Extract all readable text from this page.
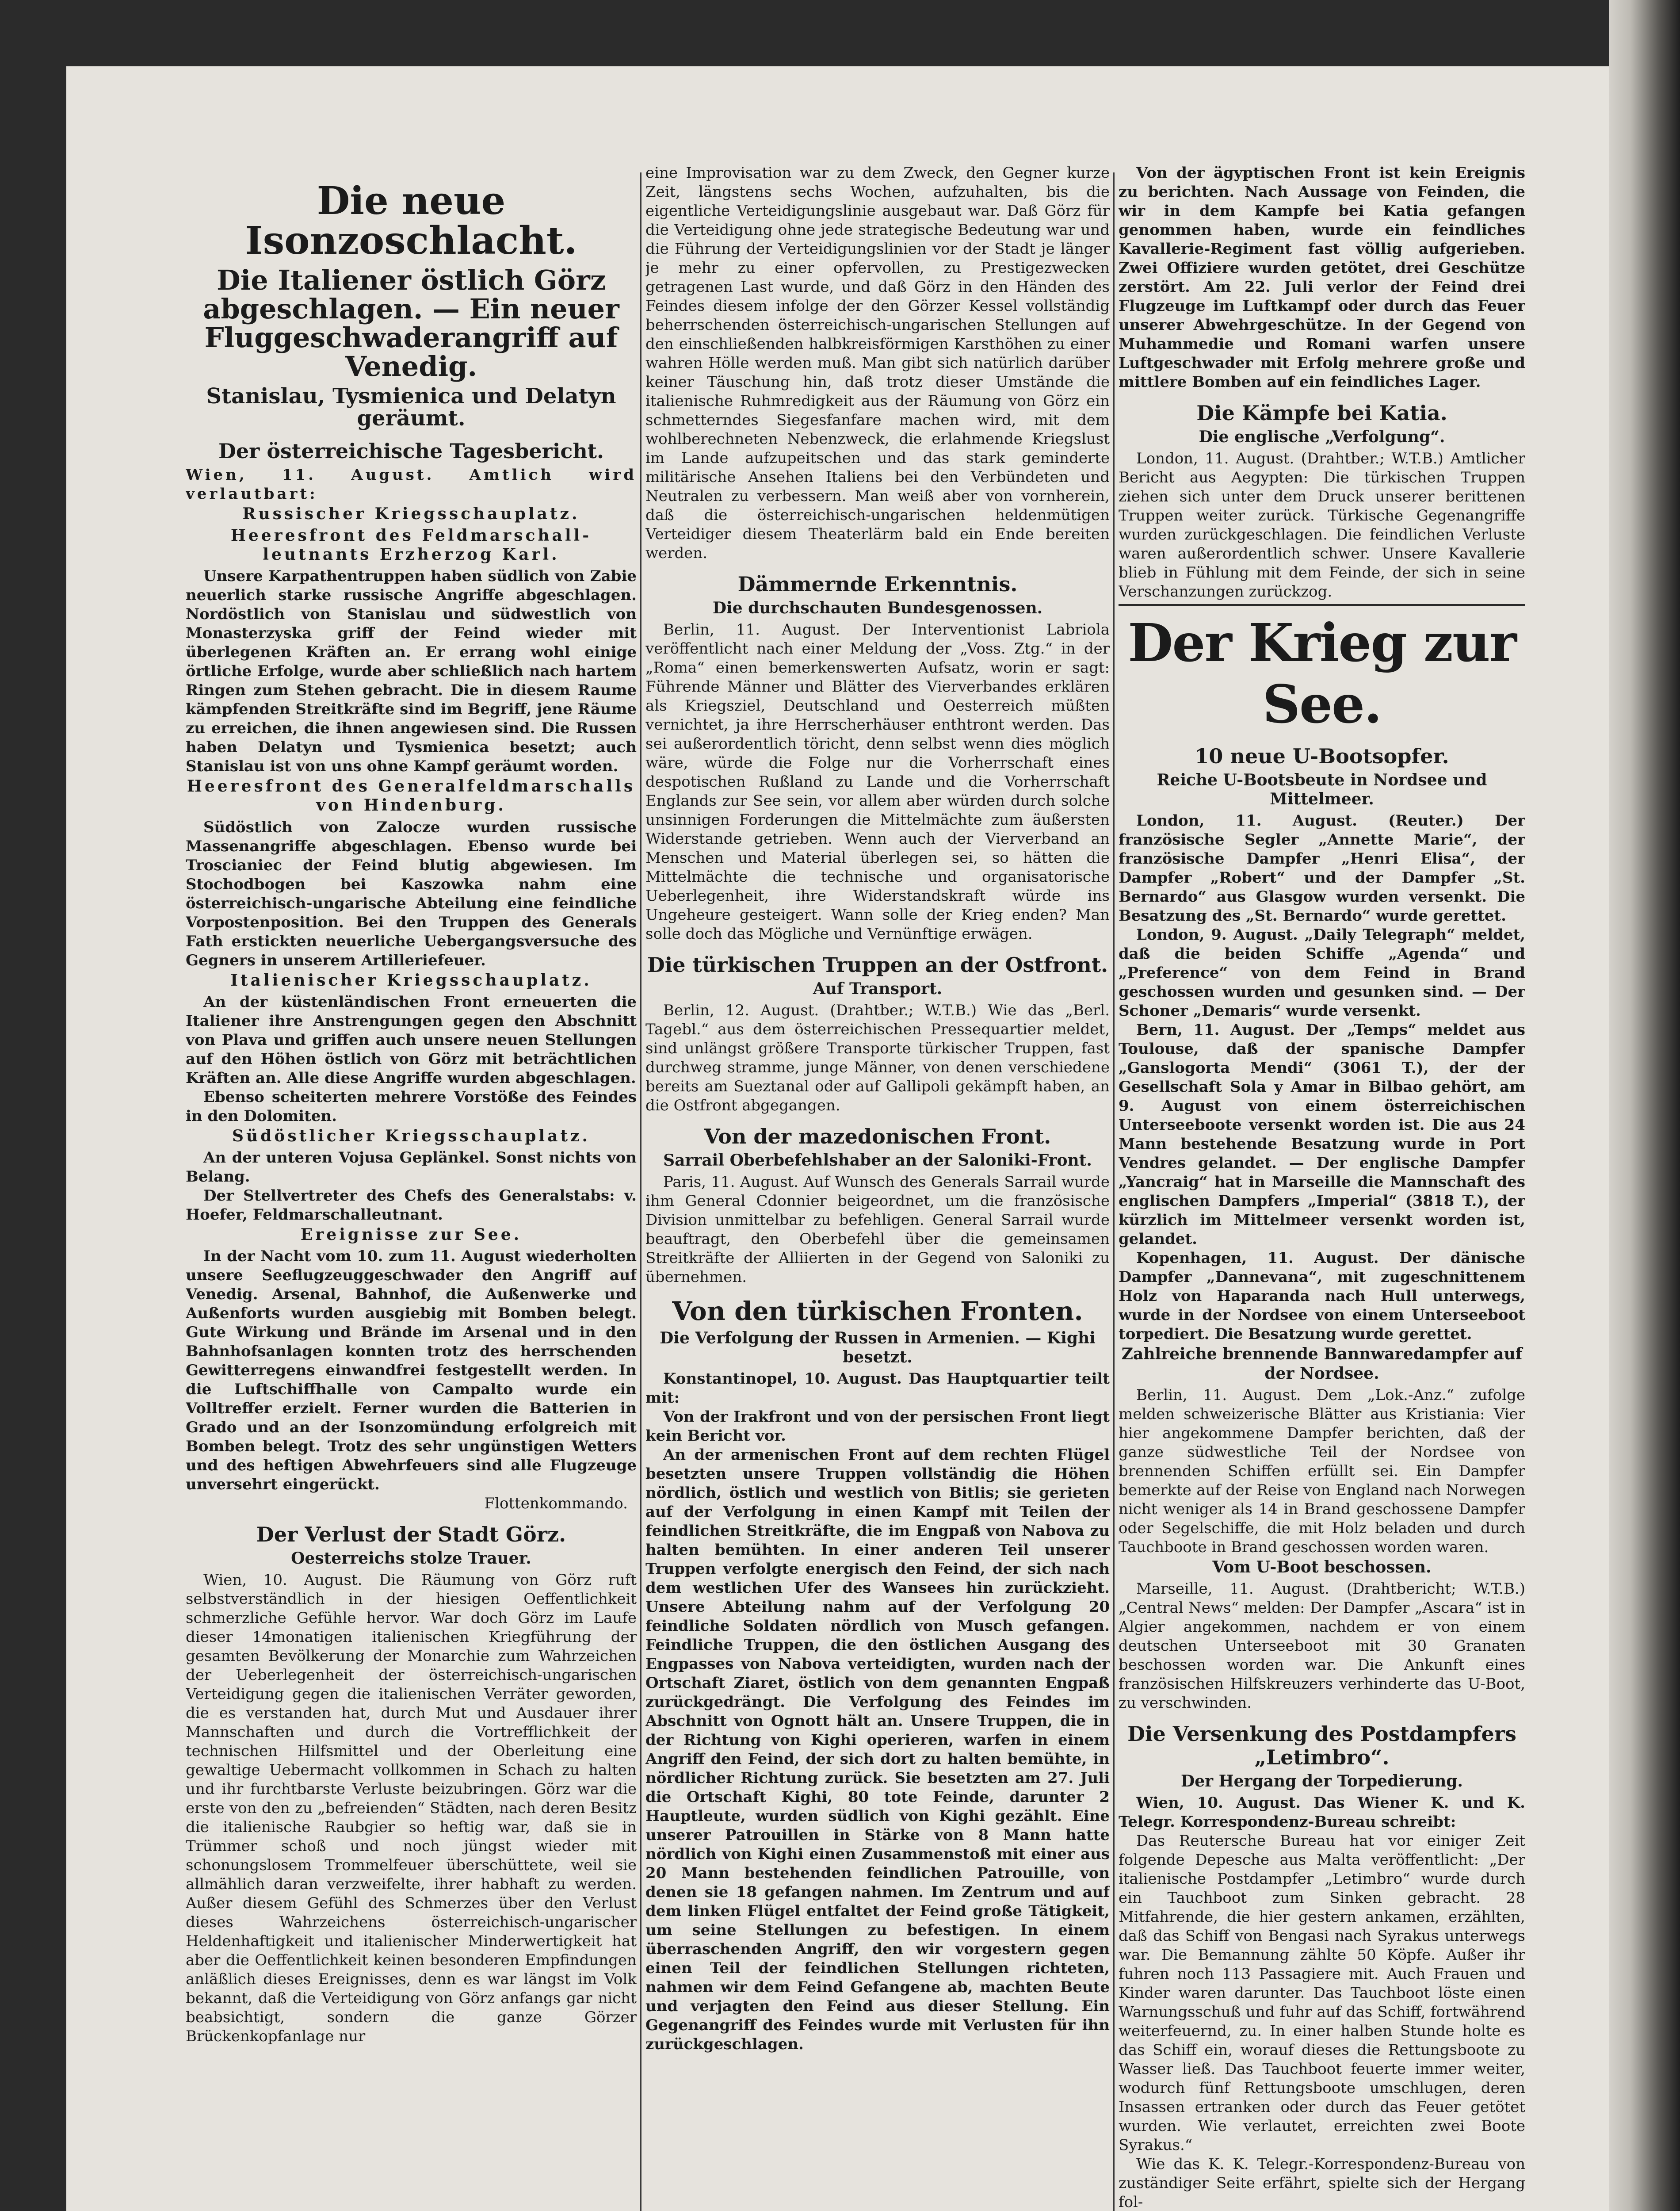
Die neue Isonzoschlacht.
Die Italiener östlich Görz abgeschlagen. — Ein neuer Fluggeschwaderangriff auf Venedig.
Stanislau, Tysmienica und Delatyn geräumt.
Der österreichische Tagesbericht.

Wien, 11. August. Amtlich wird verlautbart:

Russischer Kriegsschauplatz.
Heeresfront des Feldmarschall-leutnants Erzherzog Karl.

Unsere Karpathentruppen haben südlich von Zabie neuerlich starke russische Angriffe abgeschlagen. Nordöstlich von Stanislau und südwestlich von Monasterzyska griff der Feind wieder mit überlegenen Kräften an. Er errang wohl einige örtliche Erfolge, wurde aber schließlich nach hartem Ringen zum Stehen gebracht. Die in diesem Raume kämpfenden Streitkräfte sind im Begriff, jene Räume zu erreichen, die ihnen angewiesen sind. Die Russen haben Delatyn und Tysmienica besetzt; auch Stanislau ist von uns ohne Kampf geräumt worden.

Heeresfront des Generalfeldmarschalls von Hindenburg.

Südöstlich von Zalocze wurden russische Massenangriffe abgeschlagen. Ebenso wurde bei Troscianiec der Feind blutig abgewiesen. Im Stochodbogen bei Kaszowka nahm eine österreichisch-ungarische Abteilung eine feindliche Vorpostenposition. Bei den Truppen des Generals Fath erstickten neuerliche Uebergangsversuche des Gegners in unserem Artilleriefeuer.

Italienischer Kriegsschauplatz.

An der küstenländischen Front erneuerten die Italiener ihre Anstrengungen gegen den Abschnitt von Plava und griffen auch unsere neuen Stellungen auf den Höhen östlich von Görz mit beträchtlichen Kräften an. Alle diese Angriffe wurden abgeschlagen.

Ebenso scheiterten mehrere Vorstöße des Feindes in den Dolomiten.

Südöstlicher Kriegsschauplatz.

An der unteren Vojusa Geplänkel. Sonst nichts von Belang.

Der Stellvertreter des Chefs des Generalstabs: v. Hoefer, Feldmarschalleutnant.

Ereignisse zur See.

In der Nacht vom 10. zum 11. August wiederholten unsere Seeflugzeuggeschwader den Angriff auf Venedig. Arsenal, Bahnhof, die Außenwerke und Außenforts wurden ausgiebig mit Bomben belegt. Gute Wirkung und Brände im Arsenal und in den Bahnhofsanlagen konnten trotz des herrschenden Gewitterregens einwandfrei festgestellt werden. In die Luftschiffhalle von Campalto wurde ein Volltreffer erzielt. Ferner wurden die Batterien in Grado und an der Isonzomündung erfolgreich mit Bomben belegt. Trotz des sehr ungünstigen Wetters und des heftigen Abwehrfeuers sind alle Flugzeuge unversehrt eingerückt.

Flottenkommando.
Der Verlust der Stadt Görz.
Oesterreichs stolze Trauer.

Wien, 10. August. Die Räumung von Görz ruft selbstverständlich in der hiesigen Oeffentlichkeit schmerzliche Gefühle hervor. War doch Görz im Laufe dieser 14monatigen italienischen Kriegführung der gesamten Bevölkerung der Monarchie zum Wahrzeichen der Ueberlegenheit der österreichisch-ungarischen Verteidigung gegen die italienischen Verräter geworden, die es verstanden hat, durch Mut und Ausdauer ihrer Mannschaften und durch die Vortrefflichkeit der technischen Hilfsmittel und der Oberleitung eine gewaltige Uebermacht vollkommen in Schach zu halten und ihr furchtbarste Verluste beizubringen. Görz war die erste von den zu „befreienden“ Städten, nach deren Besitz die italienische Raubgier so heftig war, daß sie in Trümmer schoß und noch jüngst wieder mit schonungslosem Trommelfeuer überschüttete, weil sie allmählich daran verzweifelte, ihrer habhaft zu werden. Außer diesem Gefühl des Schmerzes über den Verlust dieses Wahrzeichens österreichisch-ungarischer Heldenhaftigkeit und italienischer Minderwertigkeit hat aber die Oeffentlichkeit keinen besonderen Empfindungen anläßlich dieses Ereignisses, denn es war längst im Volk bekannt, daß die Verteidigung von Görz anfangs gar nicht beabsichtigt, sondern die ganze Görzer Brückenkopfanlage nur

eine Improvisation war zu dem Zweck, den Gegner kurze Zeit, längstens sechs Wochen, aufzuhalten, bis die eigentliche Verteidigungslinie ausgebaut war. Daß Görz für die Verteidigung ohne jede strategische Bedeutung war und die Führung der Verteidigungslinien vor der Stadt je länger je mehr zu einer opfervollen, zu Prestigezwecken getragenen Last wurde, und daß Görz in den Händen des Feindes diesem infolge der den Görzer Kessel vollständig beherrschenden österreichisch-ungarischen Stellungen auf den einschließenden halbkreisförmigen Karsthöhen zu einer wahren Hölle werden muß. Man gibt sich natürlich darüber keiner Täuschung hin, daß trotz dieser Umstände die italienische Ruhmredigkeit aus der Räumung von Görz ein schmetterndes Siegesfanfare machen wird, mit dem wohlberechneten Nebenzweck, die erlahmende Kriegslust im Lande aufzupeitschen und das stark geminderte militärische Ansehen Italiens bei den Verbündeten und Neutralen zu verbessern. Man weiß aber von vornherein, daß die österreichisch-ungarischen heldenmütigen Verteidiger diesem Theaterlärm bald ein Ende bereiten werden.

Dämmernde Erkenntnis.
Die durchschauten Bundesgenossen.

Berlin, 11. August. Der Interventionist Labriola veröffentlicht nach einer Meldung der „Voss. Ztg.“ in der „Roma“ einen bemerkenswerten Aufsatz, worin er sagt: Führende Männer und Blätter des Vierverbandes erklären als Kriegsziel, Deutschland und Oesterreich müßten vernichtet, ja ihre Herrscherhäuser enthtront werden. Das sei außerordentlich töricht, denn selbst wenn dies möglich wäre, würde die Folge nur die Vorherrschaft eines despotischen Rußland zu Lande und die Vorherrschaft Englands zur See sein, vor allem aber würden durch solche unsinnigen Forderungen die Mittelmächte zum äußersten Widerstande getrieben. Wenn auch der Vierverband an Menschen und Material überlegen sei, so hätten die Mittelmächte die technische und organisatorische Ueberlegenheit, ihre Widerstandskraft würde ins Ungeheure gesteigert. Wann solle der Krieg enden? Man solle doch das Mögliche und Vernünftige erwägen.

Die türkischen Truppen an der Ostfront.
Auf Transport.

Berlin, 12. August. (Drahtber.; W.T.B.) Wie das „Berl. Tagebl.“ aus dem österreichischen Pressequartier meldet, sind unlängst größere Transporte türkischer Truppen, fast durchweg stramme, junge Männer, von denen verschiedene bereits am Sueztanal oder auf Gallipoli gekämpft haben, an die Ostfront abgegangen.

Von der mazedonischen Front.
Sarrail Oberbefehlshaber an der Saloniki-Front.

Paris, 11. August. Auf Wunsch des Generals Sarrail wurde ihm General Cdonnier beigeordnet, um die französische Division unmittelbar zu befehligen. General Sarrail wurde beauftragt, den Oberbefehl über die gemeinsamen Streitkräfte der Alliierten in der Gegend von Saloniki zu übernehmen.

Von den türkischen Fronten.
Die Verfolgung der Russen in Armenien. — Kighi besetzt.

Konstantinopel, 10. August. Das Hauptquartier teilt mit:

Von der Irakfront und von der persischen Front liegt kein Bericht vor.

An der armenischen Front auf dem rechten Flügel besetzten unsere Truppen vollständig die Höhen nördlich, östlich und westlich von Bitlis; sie gerieten auf der Verfolgung in einen Kampf mit Teilen der feindlichen Streitkräfte, die im Engpaß von Nabova zu halten bemühten. In einer anderen Teil unserer Truppen verfolgte energisch den Feind, der sich nach dem westlichen Ufer des Wansees hin zurückzieht. Unsere Abteilung nahm auf der Verfolgung 20 feindliche Soldaten nördlich von Musch gefangen. Feindliche Truppen, die den östlichen Ausgang des Engpasses von Nabova verteidigten, wurden nach der Ortschaft Ziaret, östlich von dem genannten Engpaß zurückgedrängt. Die Verfolgung des Feindes im Abschnitt von Ognott hält an. Unsere Truppen, die in der Richtung von Kighi operieren, warfen in einem Angriff den Feind, der sich dort zu halten bemühte, in nördlicher Richtung zurück. Sie besetzten am 27. Juli die Ortschaft Kighi, 80 tote Feinde, darunter 2 Hauptleute, wurden südlich von Kighi gezählt. Eine unserer Patrouillen in Stärke von 8 Mann hatte nördlich von Kighi einen Zusammenstoß mit einer aus 20 Mann bestehenden feindlichen Patrouille, von denen sie 18 gefangen nahmen. Im Zentrum und auf dem linken Flügel entfaltet der Feind große Tätigkeit, um seine Stellungen zu befestigen. In einem überraschenden Angriff, den wir vorgestern gegen einen Teil der feindlichen Stellungen richteten, nahmen wir dem Feind Gefangene ab, machten Beute und verjagten den Feind aus dieser Stellung. Ein Gegenangriff des Feindes wurde mit Verlusten für ihn zurückgeschlagen.

Von der ägyptischen Front ist kein Ereignis zu berichten. Nach Aussage von Feinden, die wir in dem Kampfe bei Katia gefangen genommen haben, wurde ein feindliches Kavallerie-Regiment fast völlig aufgerieben. Zwei Offiziere wurden getötet, drei Geschütze zerstört. Am 22. Juli verlor der Feind drei Flugzeuge im Luftkampf oder durch das Feuer unserer Abwehrgeschütze. In der Gegend von Muhammedie und Romani warfen unsere Luftgeschwader mit Erfolg mehrere große und mittlere Bomben auf ein feindliches Lager.

Die Kämpfe bei Katia.
Die englische „Verfolgung“.

London, 11. August. (Drahtber.; W.T.B.) Amtlicher Bericht aus Aegypten: Die türkischen Truppen ziehen sich unter dem Druck unserer berittenen Truppen weiter zurück. Türkische Gegenangriffe wurden zurückgeschlagen. Die feindlichen Verluste waren außerordentlich schwer. Unsere Kavallerie blieb in Fühlung mit dem Feinde, der sich in seine Verschanzungen zurückzog.

Der Krieg zur See.
10 neue U-Bootsopfer.
Reiche U-Bootsbeute in Nordsee und Mittelmeer.

London, 11. August. (Reuter.) Der französische Segler „Annette Marie“, der französische Dampfer „Henri Elisa“, der Dampfer „Robert“ und der Dampfer „St. Bernardo“ aus Glasgow wurden versenkt. Die Besatzung des „St. Bernardo“ wurde gerettet.

London, 9. August. „Daily Telegraph“ meldet, daß die beiden Schiffe „Agenda“ und „Preference“ von dem Feind in Brand geschossen wurden und gesunken sind. — Der Schoner „Demaris“ wurde versenkt.

Bern, 11. August. Der „Temps“ meldet aus Toulouse, daß der spanische Dampfer „Ganslogorta Mendi“ (3061 T.), der der Gesellschaft Sola y Amar in Bilbao gehört, am 9. August von einem österreichischen Unterseeboote versenkt worden ist. Die aus 24 Mann bestehende Besatzung wurde in Port Vendres gelandet. — Der englische Dampfer „Yancraig“ hat in Marseille die Mannschaft des englischen Dampfers „Imperial“ (3818 T.), der kürzlich im Mittelmeer versenkt worden ist, gelandet.

Kopenhagen, 11. August. Der dänische Dampfer „Dannevana“, mit zugeschnittenem Holz von Haparanda nach Hull unterwegs, wurde in der Nordsee von einem Unterseeboot torpediert. Die Besatzung wurde gerettet.

Zahlreiche brennende Bannwaredampfer auf der Nordsee.

Berlin, 11. August. Dem „Lok.-Anz.“ zufolge melden schweizerische Blätter aus Kristiania: Vier hier angekommene Dampfer berichten, daß der ganze südwestliche Teil der Nordsee von brennenden Schiffen erfüllt sei. Ein Dampfer bemerkte auf der Reise von England nach Norwegen nicht weniger als 14 in Brand geschossene Dampfer oder Segelschiffe, die mit Holz beladen und durch Tauchboote in Brand geschossen worden waren.

Vom U-Boot beschossen.

Marseille, 11. August. (Drahtbericht; W.T.B.) „Central News“ melden: Der Dampfer „Ascara“ ist in Algier angekommen, nachdem er von einem deutschen Unterseeboot mit 30 Granaten beschossen worden war. Die Ankunft eines französischen Hilfskreuzers verhinderte das U-Boot, zu verschwinden.

Die Versenkung des Postdampfers „Letimbro“.
Der Hergang der Torpedierung.

Wien, 10. August. Das Wiener K. und K. Telegr. Korrespondenz-Bureau schreibt:

Das Reutersche Bureau hat vor einiger Zeit folgende Depesche aus Malta veröffentlicht: „Der italienische Postdampfer „Letimbro“ wurde durch ein Tauchboot zum Sinken gebracht. 28 Mitfahrende, die hier gestern ankamen, erzählten, daß das Schiff von Bengasi nach Syrakus unterwegs war. Die Bemannung zählte 50 Köpfe. Außer ihr fuhren noch 113 Passagiere mit. Auch Frauen und Kinder waren darunter. Das Tauchboot löste einen Warnungsschuß und fuhr auf das Schiff, fortwährend weiterfeuernd, zu. In einer halben Stunde holte es das Schiff ein, worauf dieses die Rettungsboote zu Wasser ließ. Das Tauchboot feuerte immer weiter, wodurch fünf Rettungsboote umschlugen, deren Insassen ertranken oder durch das Feuer getötet wurden. Wie verlautet, erreichten zwei Boote Syrakus.“

Wie das K. K. Telegr.-Korrespondenz-Bureau von zuständiger Seite erfährt, spielte sich der Hergang fol-
